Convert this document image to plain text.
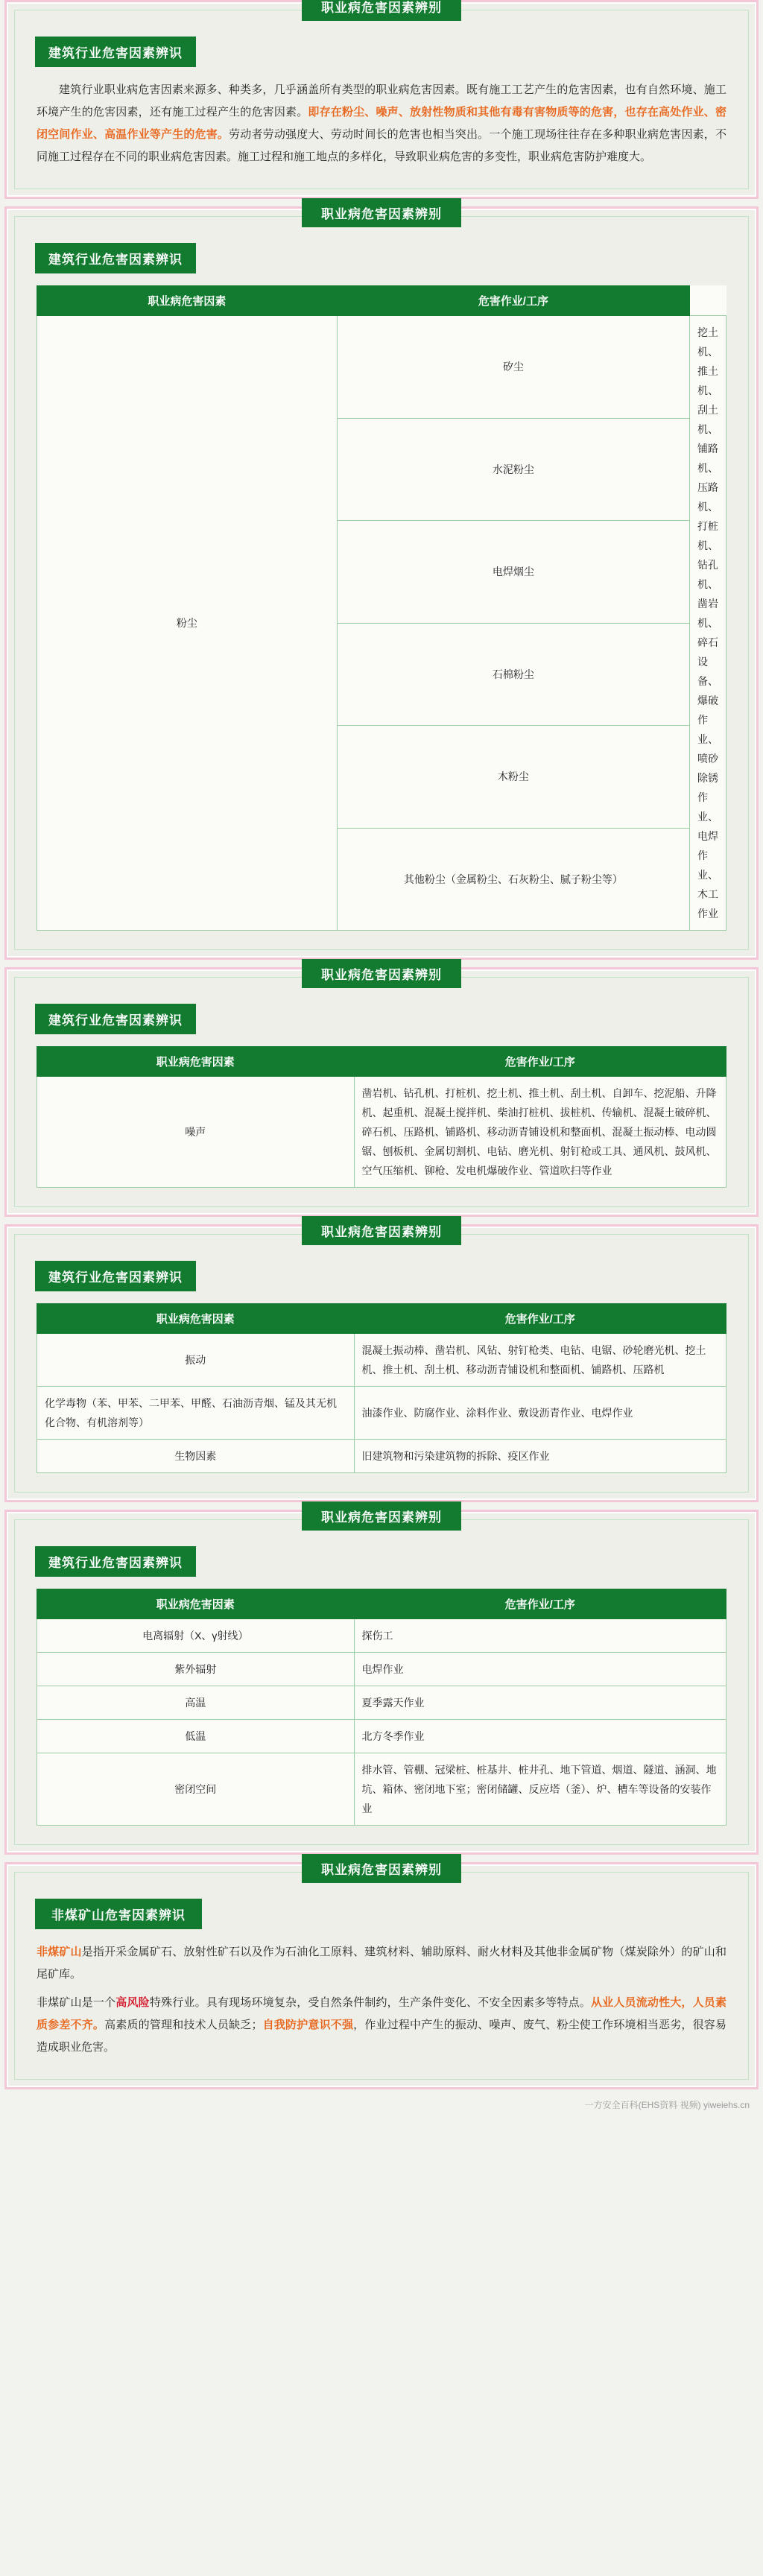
职业病危害因素辨别
建筑行业危害因素辨识

建筑行业职业病危害因素来源多、种类多，几乎涵盖所有类型的职业病危害因素。既有施工工艺产生的危害因素，也有自然环境、施工环境产生的危害因素，还有施工过程产生的危害因素。即存在粉尘、噪声、放射性物质和其他有毒有害物质等的危害，也存在高处作业、密闭空间作业、高温作业等产生的危害。劳动者劳动强度大、劳动时间长的危害也相当突出。一个施工现场往往存在多种职业病危害因素，不同施工过程存在不同的职业病危害因素。施工过程和施工地点的多样化，导致职业病危害的多变性，职业病危害防护难度大。

职业病危害因素辨别
建筑行业危害因素辨识
职业病危害因素	危害作业/工序	
粉尘	矽尘	挖土机、推土机、刮土机、铺路机、压路机、打桩机、钻孔机、凿岩机、碎石设备、爆破作业、喷砂除锈作业、电焊作业、木工作业
	水泥粉尘	
	电焊烟尘	
	石棉粉尘	
	木粉尘	
	其他粉尘（金属粉尘、石灰粉尘、腻子粉尘等）	
职业病危害因素辨别
建筑行业危害因素辨识
职业病危害因素	危害作业/工序
噪声	凿岩机、钻孔机、打桩机、挖土机、推土机、刮土机、自卸车、挖泥船、升降机、起重机、混凝土搅拌机、柴油打桩机、拔桩机、传输机、混凝土破碎机、碎石机、压路机、铺路机、移动沥青铺设机和整面机、混凝土振动棒、电动圆锯、刨板机、金属切割机、电钻、磨光机、射钉枪或工具、通风机、鼓风机、空气压缩机、铆枪、发电机爆破作业、管道吹扫等作业
职业病危害因素辨别
建筑行业危害因素辨识
职业病危害因素	危害作业/工序
振动	混凝土振动棒、凿岩机、风钻、射钉枪类、电钻、电锯、砂轮磨光机、挖土机、推土机、刮土机、移动沥青铺设机和整面机、铺路机、压路机
化学毒物（苯、甲苯、二甲苯、甲醛、石油沥青烟、锰及其无机化合物、有机溶剂等）	油漆作业、防腐作业、涂料作业、敷设沥青作业、电焊作业
生物因素	旧建筑物和污染建筑物的拆除、疫区作业
职业病危害因素辨别
建筑行业危害因素辨识
职业病危害因素	危害作业/工序
电离辐射（X、γ射线）	探伤工
紫外辐射	电焊作业
高温	夏季露天作业
低温	北方冬季作业
密闭空间	排水管、管棚、冠梁桩、桩基井、桩井孔、地下管道、烟道、隧道、涵洞、地坑、箱体、密闭地下室；密闭储罐、反应塔（釜）、炉、槽车等设备的安装作业
职业病危害因素辨别
非煤矿山危害因素辨识

非煤矿山是指开采金属矿石、放射性矿石以及作为石油化工原料、建筑材料、辅助原料、耐火材料及其他非金属矿物（煤炭除外）的矿山和尾矿库。

非煤矿山是一个高风险特殊行业。具有现场环境复杂，受自然条件制约，生产条件变化、不安全因素多等特点。从业人员流动性大，人员素质参差不齐。高素质的管理和技术人员缺乏；自我防护意识不强，作业过程中产生的振动、噪声、废气、粉尘使工作环境相当恶劣，很容易造成职业危害。

一方安全百科(EHS资料 视频) yiweiehs.cn
